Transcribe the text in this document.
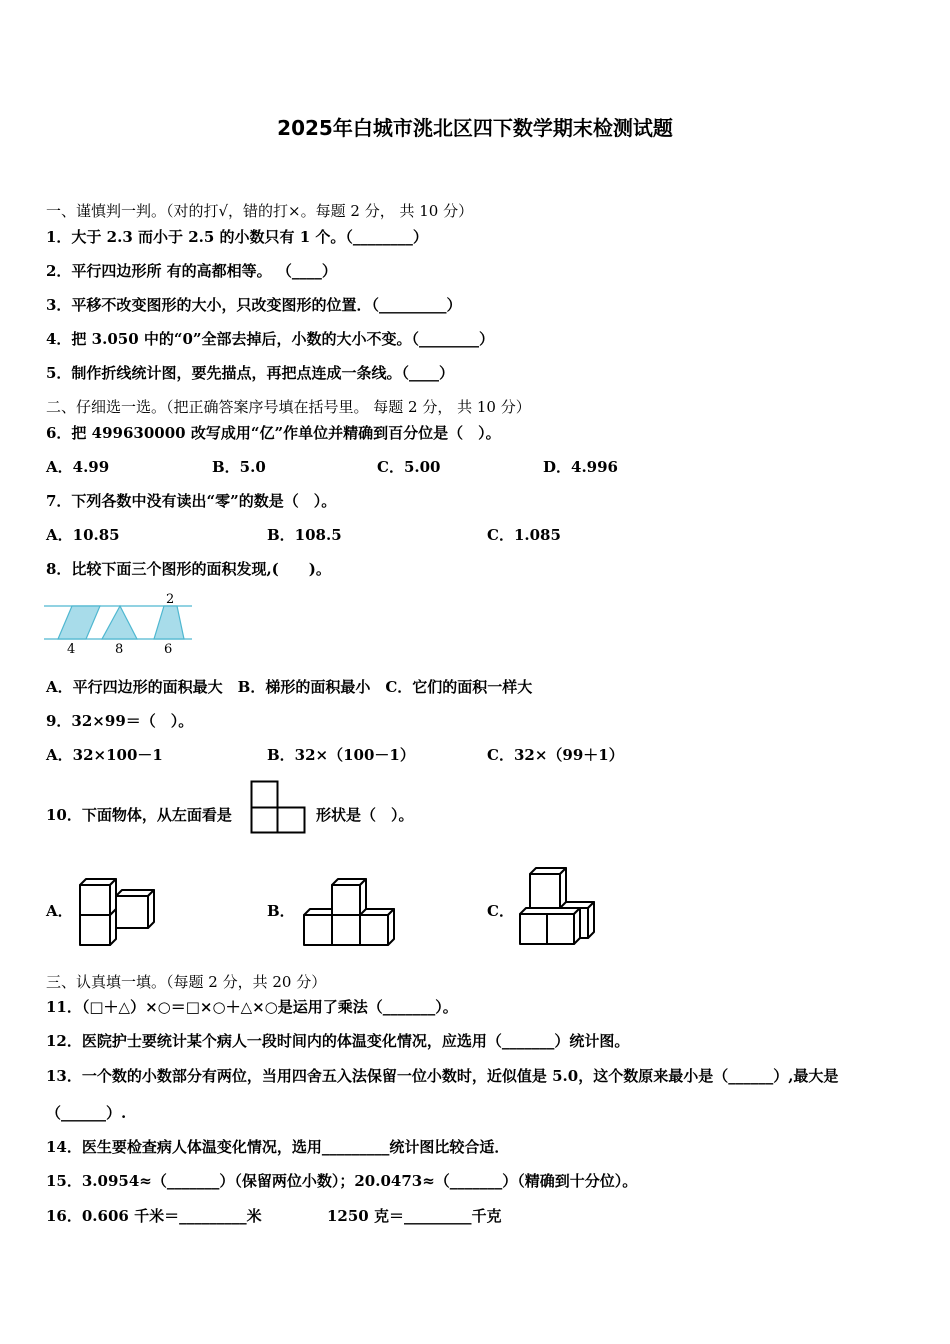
2025年白城市洮北区四下数学期末检测试题
一、谨慎判一判。（对的打√，错的打×。每题 2 分， 共 10 分）
1．大于 2.3 而小于 2.5 的小数只有 1 个。（________）
2．平行四边形所 有的高都相等。 （____）
3．平移不改变图形的大小，只改变图形的位置．（_________）
4．把 3.050 中的“0”全部去掉后，小数的大小不变。（________）
5．制作折线统计图，要先描点，再把点连成一条线。（____）
二、仔细选一选。（把正确答案序号填在括号里。 每题 2 分， 共 10 分）
6．把 499630000 改写成用“亿”作单位并精确到百分位是（　）。
A．4.99	B．5.0	C．5.00	D．4.996
7．下列各数中没有读出“零”的数是（　）。
A．10.85	B．108.5	C．1.085
8．比较下面三个图形的面积发现,(　　)。
2
4	8	6
A．平行四边形的面积最大　B．梯形的面积最小　C．它们的面积一样大
9．32×99＝（　）。
A．32×100－1	B．32×（100－1）	C．32×（99＋1）
10．下面物体，从左面看是	形状是（　）。
A．	B．	C．
三、认真填一填。（每题 2 分，共 20 分）
11．（□＋△）×○＝□×○＋△×○是运用了乘法（_______）。
12．医院护士要统计某个病人一段时间内的体温变化情况，应选用（_______）统计图。
13．一个数的小数部分有两位，当用四舍五入法保留一位小数时，近似值是 5.0，这个数原来最小是（______）,最大是
（______）.
14．医生要检查病人体温变化情况，选用_________统计图比较合适．
15．3.0954≈（_______）（保留两位小数）；20.0473≈（_______）（精确到十分位）。
16．0.606 千米＝_________米	1250 克＝_________千克
